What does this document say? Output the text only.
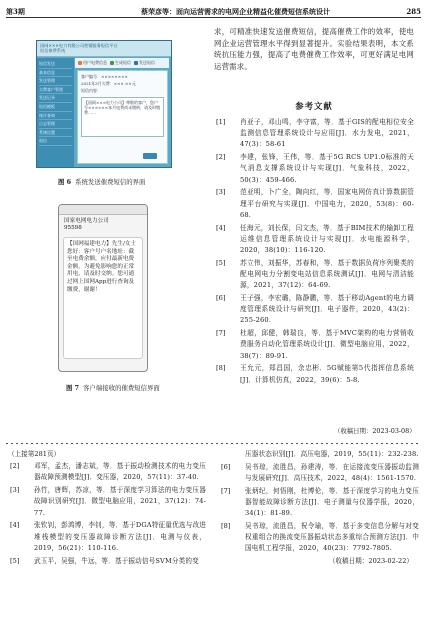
第3期	蔡荣彦等：面向运营需求的电网企业精益化催费短信系统设计	285
国网×××电力有限公司营销服务短信平台
短信催费系统
短信发送
基本信息
发送管理
欠费客户管理
发送记录
短信模板
统计查询
日志管理
系统设置
退出
用户电费信息 生成短信 发送短信
客户编号：××××××××
2021年3月欠费：×××.××元
短信内容：
【国网×××电力公司】尊敬的客户，您户号××××××本月电费尚未缴纳，请及时缴费……
图 6 系统发送催费短信的界面
国家电网电力公司
95598
【国网福建电力】先生/女士您好：客户号户名地址：截至电费余额，应付最新电费金额。为避免影响您的正常用电，请及时交纳。您可通过网上国网App进行查询及缴费，谢谢！
图 7 客户端接收的催费短信界面
求，可精准快速发送催费短信，提高催费工作的效率，使电网企业运营管理水平得到显著提升。实验结果表明，本文系统抗压能力强，提高了电费催费工作效率，可更好满足电网运营需求。
参考文献
[1]	肖亚子，邓山鸣，李守富，等．基于GIS的配电相位安全监测信息管理系统设计与应用[J]．水力发电，2021，47(3)：58-61
[2]	李建，张锋，王伟，等．基于5G RCS UP1.0标准的天气消息支撑系统设计与实现[J]．气象科技，2022，50(3)：459-466.
[3]	范亚明，卜广全，陶向红，等．国家电网仿真计算数据管理平台研究与实现[J]．中国电力，2020，53(8)：60-68.
[4]	任海元，刘长保，闫文杰，等．基于BIM技术的输卸工程运维信息管理系统设计与实现[J]．水电能源科学，2020，38(10)：116-120.
[5]	苏立伟，刘振华，苏春和，等．基于数据负荷序列聚类的配电网电力分割变电站信息系统测试[J]．电网与清洁能源，2021，37(12)：64-69.
[6]	王子强，李宏璐，陈静鹏，等．基于移动Agent的电力调度管理系统设计与研究[J]．电子器件，2020，43(2)：255-260.
[7]	杜超，邱健，韩瑞良，等．基于MVC架构的电力营销收费服务自动化管理系统设计[J]．微型电脑应用，2022，38(7)：89-91.
[8]	王允元，郑昌国，余忠彬．5G赋能第5代指挥信息系统[J]．计算机仿真，2022，39(6)：5-8.
（收稿日期：2023-03-08）
（上接第281页）
[2]	邓军，孟杰，潘志斌，等．基于振动检测技术的电力变压器故障预测模型[J]．变压器，2020，57(11)：37-40.
[3]	孙竹，唐辉，苏凉，等．基于深度学习算法的电力变压器故障识别研究[J]．微型电脑应用，2021，37(12)：74-77.
[4]	张钦钊，彭鸿博，李钊，等．基于DGA特征量优选与改进堆栈模型的变压器故障诊断方法[J]．电测与仪表，2019，56(21)：110-116.
[5]	武玉平，吴强，牛远，等．基于振动信号SVM分类的变
压器状态识别[J]．高压电器，2019，55(11)：232-238.
[6]	吴书琼，流胜昌，孙建涛，等．在运接流变压器振动监测与发展研究[J]．高压技术，2022，48(4)：1561-1570.
[7]	张炳纪，何悟刚，杜博伦，等．基于深度学习的电力变压器智能故障诊断方法[J]．电子测量与仪器学报，2020，34(1)：81-89.
[8]	吴书琼，流胜昌，祝令瑜，等．基于多变信息分解与对变权重组合的换流变压器振动状态多重综合预测方法[J]．中国电机工程学报，2020，40(23)：7792-7805.
（收稿日期：2023-02-22）
